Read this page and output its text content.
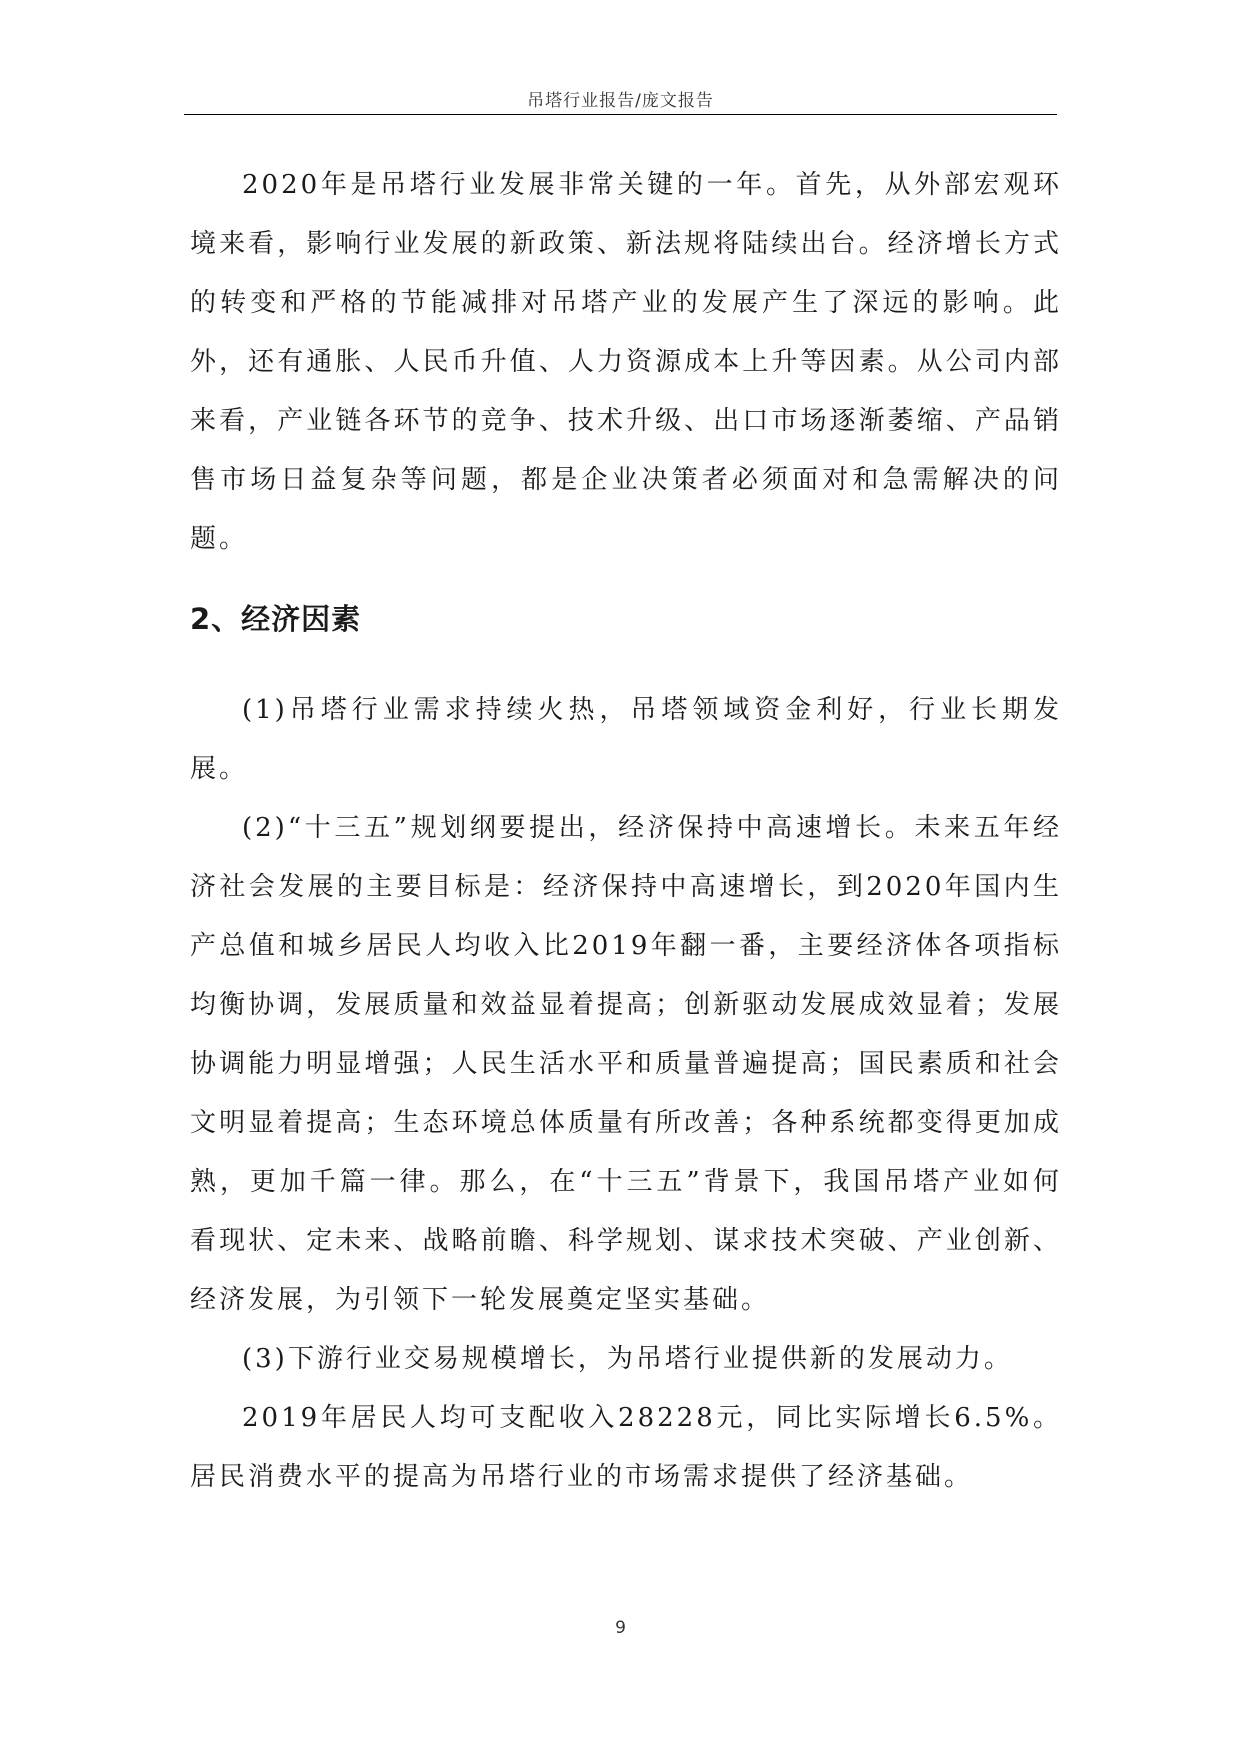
吊塔行业报告/庞文报告

2020年是吊塔行业发展非常关键的一年。首先，从外部宏观环境来看，影响行业发展的新政策、新法规将陆续出台。经济增长方式的转变和严格的节能减排对吊塔产业的发展产生了深远的影响。此外，还有通胀、人民币升值、人力资源成本上升等因素。从公司内部来看，产业链各环节的竞争、技术升级、出口市场逐渐萎缩、产品销售市场日益复杂等问题，都是企业决策者必须面对和急需解决的问题。

2、经济因素

(1)吊塔行业需求持续火热，吊塔领域资金利好，行业长期发展。

(2)“十三五”规划纲要提出，经济保持中高速增长。未来五年经济社会发展的主要目标是：经济保持中高速增长，到2020年国内生产总值和城乡居民人均收入比2019年翻一番，主要经济体各项指标均衡协调，发展质量和效益显着提高；创新驱动发展成效显着；发展协调能力明显增强；人民生活水平和质量普遍提高；国民素质和社会文明显着提高；生态环境总体质量有所改善；各种系统都变得更加成熟，更加千篇一律。那么，在“十三五”背景下，我国吊塔产业如何看现状、定未来、战略前瞻、科学规划、谋求技术突破、产业创新、经济发展，为引领下一轮发展奠定坚实基础。

(3)下游行业交易规模增长，为吊塔行业提供新的发展动力。

2019年居民人均可支配收入28228元，同比实际增长6.5%。居民消费水平的提高为吊塔行业的市场需求提供了经济基础。

9
